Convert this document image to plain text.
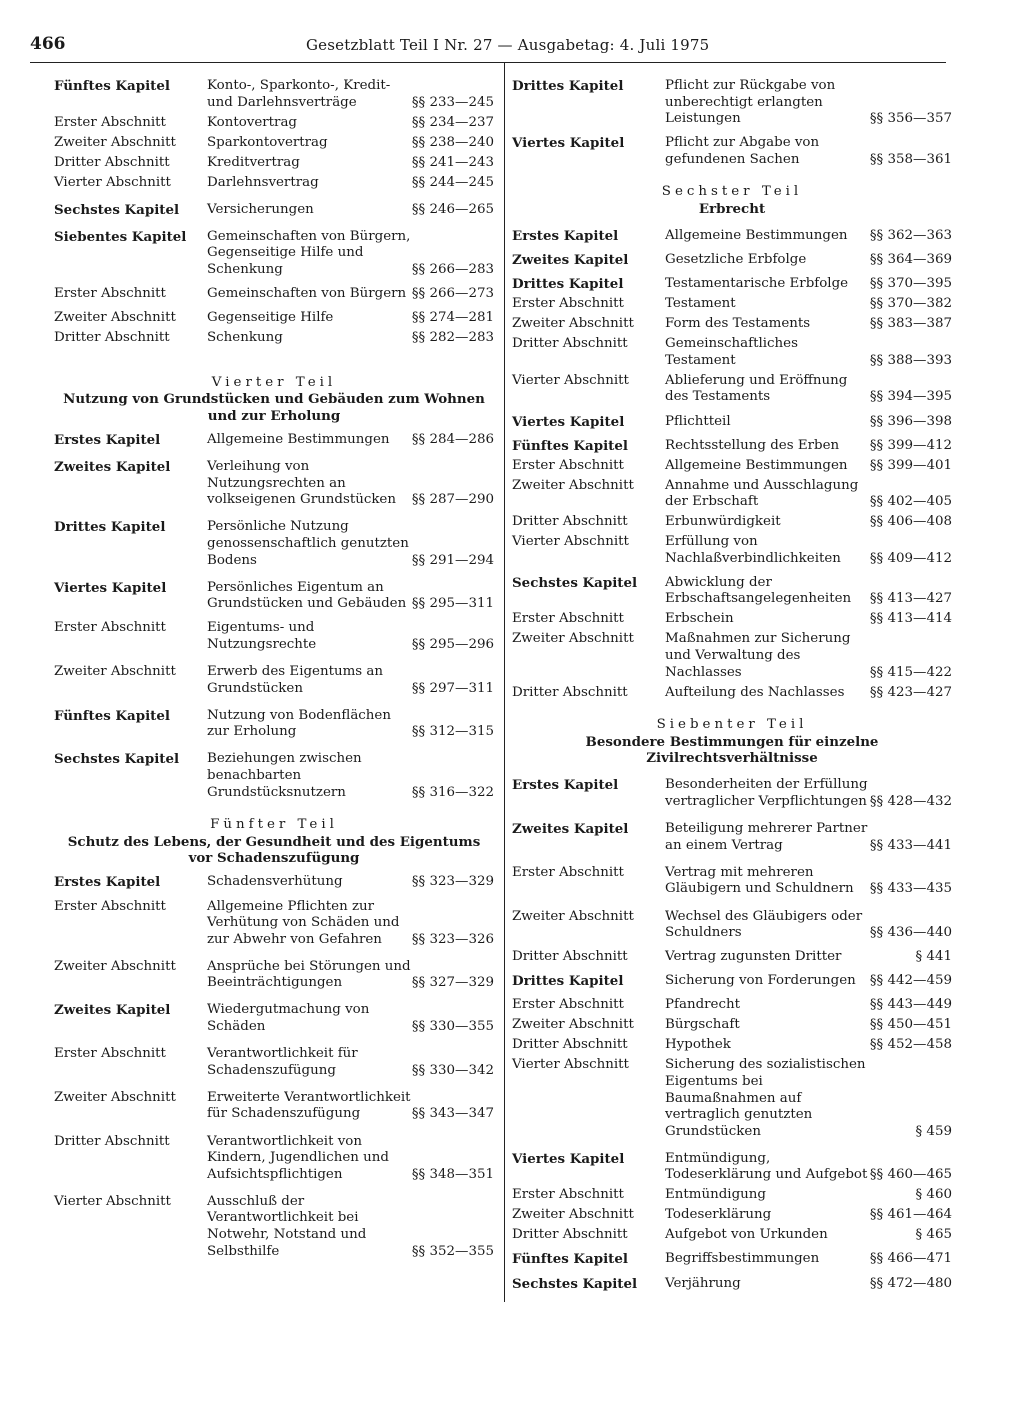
466	Gesetzblatt Teil I Nr. 27 — Ausgabetag: 4. Juli 1975
Fünftes Kapitel	Konto-, Sparkonto-, Kredit- und Darlehnsverträge	§§ 233—245
Erster Abschnitt	Kontovertrag	§§ 234—237
Zweiter Abschnitt	Sparkontovertrag	§§ 238—240
Dritter Abschnitt	Kreditvertrag	§§ 241—243
Vierter Abschnitt	Darlehnsvertrag	§§ 244—245
Sechstes Kapitel	Versicherungen	§§ 246—265
Siebentes Kapitel	Gemeinschaften von Bürgern, Gegenseitige Hilfe und Schenkung	§§ 266—283
Erster Abschnitt	Gemeinschaften von Bürgern §§ 266—273
Zweiter Abschnitt	Gegenseitige Hilfe	§§ 274—281
Dritter Abschnitt	Schenkung	§§ 282—283
Vierter Teil
Nutzung von Grundstücken und Gebäuden zum Wohnen und zur Erholung
Erstes Kapitel	Allgemeine Bestimmungen	§§ 284—286
Zweites Kapitel	Verleihung von Nutzungsrechten an volkseigenen Grundstücken	§§ 287—290
Drittes Kapitel	Persönliche Nutzung genossenschaftlich genutzten Bodens	§§ 291—294
Viertes Kapitel	Persönliches Eigentum an Grundstücken und Gebäuden §§ 295—311
Erster Abschnitt	Eigentums- und Nutzungsrechte	§§ 295—296
Zweiter Abschnitt	Erwerb des Eigentums an Grundstücken	§§ 297—311
Fünftes Kapitel	Nutzung von Bodenflächen zur Erholung	§§ 312—315
Sechstes Kapitel	Beziehungen zwischen benachbarten Grundstücksnutzern	§§ 316—322
Fünfter Teil
Schutz des Lebens, der Gesundheit und des Eigentums vor Schadenszufügung
Erstes Kapitel	Schadensverhütung	§§ 323—329
Erster Abschnitt	Allgemeine Pflichten zur Verhütung von Schäden und zur Abwehr von Gefahren	§§ 323—326
Zweiter Abschnitt	Ansprüche bei Störungen und Beeinträchtigungen	§§ 327—329
Zweites Kapitel	Wiedergutmachung von Schäden	§§ 330—355
Erster Abschnitt	Verantwortlichkeit für Schadenszufügung	§§ 330—342
Zweiter Abschnitt	Erweiterte Verantwortlichkeit für Schadenszufügung	§§ 343—347
Dritter Abschnitt	Verantwortlichkeit von Kindern, Jugendlichen und Aufsichtspflichtigen	§§ 348—351
Vierter Abschnitt	Ausschluß der Verantwortlichkeit bei Notwehr, Notstand und Selbsthilfe	§§ 352—355
Drittes Kapitel	Pflicht zur Rückgabe von unberechtigt erlangten Leistungen	§§ 356—357
Viertes Kapitel	Pflicht zur Abgabe von gefundenen Sachen	§§ 358—361
Sechster Teil
Erbrecht
Erstes Kapitel	Allgemeine Bestimmungen	§§ 362—363
Zweites Kapitel	Gesetzliche Erbfolge	§§ 364—369
Drittes Kapitel	Testamentarische Erbfolge	§§ 370—395
Erster Abschnitt	Testament	§§ 370—382
Zweiter Abschnitt	Form des Testaments	§§ 383—387
Dritter Abschnitt	Gemeinschaftliches Testament	§§ 388—393
Vierter Abschnitt	Ablieferung und Eröffnung des Testaments	§§ 394—395
Viertes Kapitel	Pflichtteil	§§ 396—398
Fünftes Kapitel	Rechtsstellung des Erben	§§ 399—412
Erster Abschnitt	Allgemeine Bestimmungen	§§ 399—401
Zweiter Abschnitt	Annahme und Ausschlagung der Erbschaft	§§ 402—405
Dritter Abschnitt	Erbunwürdigkeit	§§ 406—408
Vierter Abschnitt	Erfüllung von Nachlaßverbindlichkeiten	§§ 409—412
Sechstes Kapitel	Abwicklung der Erbschaftsangelegenheiten	§§ 413—427
Erster Abschnitt	Erbschein	§§ 413—414
Zweiter Abschnitt	Maßnahmen zur Sicherung und Verwaltung des Nachlasses	§§ 415—422
Dritter Abschnitt	Aufteilung des Nachlasses	§§ 423—427
Siebenter Teil
Besondere Bestimmungen für einzelne Zivilrechtsverhältnisse
Erstes Kapitel	Besonderheiten der Erfüllung vertraglicher Verpflichtungen §§ 428—432
Zweites Kapitel	Beteiligung mehrerer Partner an einem Vertrag	§§ 433—441
Erster Abschnitt	Vertrag mit mehreren Gläubigern und Schuldnern	§§ 433—435
Zweiter Abschnitt	Wechsel des Gläubigers oder Schuldners	§§ 436—440
Dritter Abschnitt	Vertrag zugunsten Dritter	§ 441
Drittes Kapitel	Sicherung von Forderungen	§§ 442—459
Erster Abschnitt	Pfandrecht	§§ 443—449
Zweiter Abschnitt	Bürgschaft	§§ 450—451
Dritter Abschnitt	Hypothek	§§ 452—458
Vierter Abschnitt	Sicherung des sozialistischen Eigentums bei Baumaßnahmen auf vertraglich genutzten Grundstücken	§ 459
Viertes Kapitel	Entmündigung, Todeserklärung und Aufgebot §§ 460—465
Erster Abschnitt	Entmündigung	§ 460
Zweiter Abschnitt	Todeserklärung	§§ 461—464
Dritter Abschnitt	Aufgebot von Urkunden	§ 465
Fünftes Kapitel	Begriffsbestimmungen	§§ 466—471
Sechstes Kapitel	Verjährung	§§ 472—480
